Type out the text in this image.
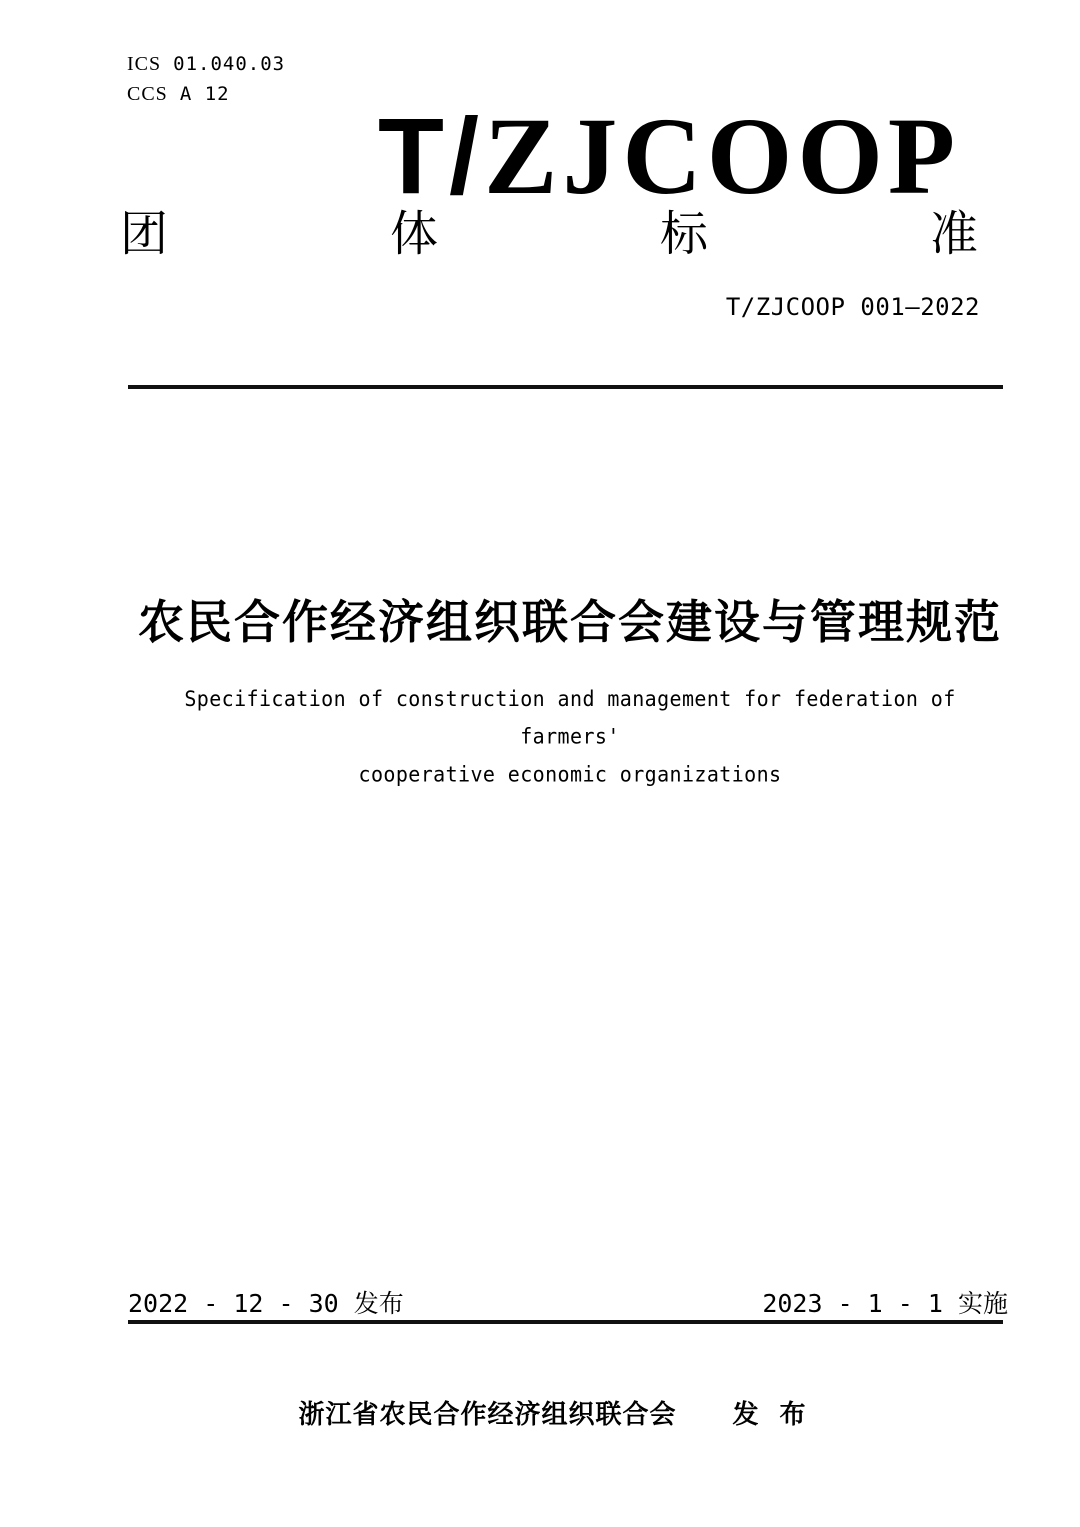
ICS 01.040.03
CCS A 12
T/ZJCOOP
团	体	标	准
T/ZJCOOP 001—2022
农民合作经济组织联合会建设与管理规范
Specification of construction and management for federation of farmers'
cooperative economic organizations
2022 - 12 - 30 发布	2023 - 1 - 1 实施
浙江省农民合作经济组织联合会 发 布
